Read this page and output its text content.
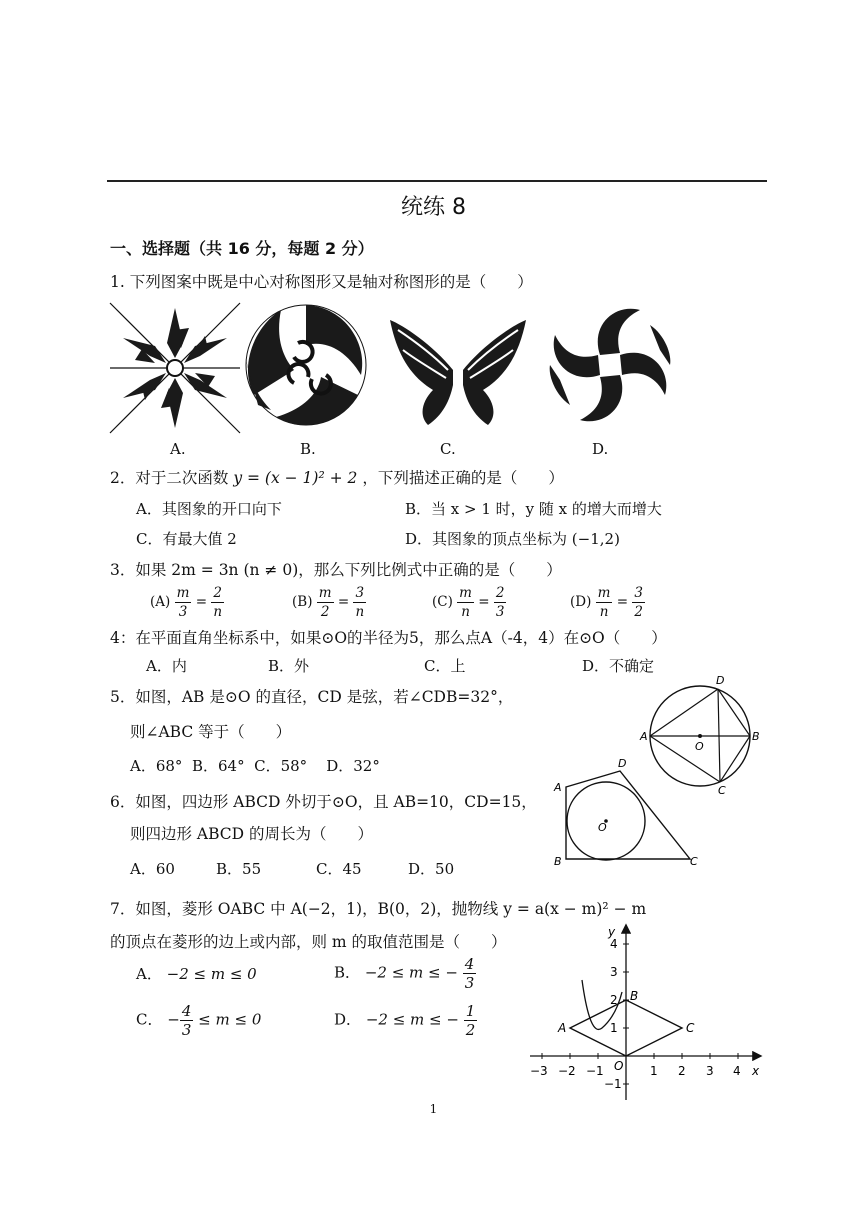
统练 8
一、选择题（共 16 分，每题 2 分）
1. 下列图案中既是中心对称图形又是轴对称图形的是（　　）
A.	B.	C.	D.
2．对于二次函数 y = (x − 1)² + 2 ，下列描述正确的是（　　）
A．其图象的开口向下	B．当 x > 1 时，y 随 x 的增大而增大
C．有最大值 2	D．其图象的顶点坐标为 (−1,2)
3．如果 2m = 3n (n ≠ 0)，那么下列比例式中正确的是（　　）
$(A) \frac{m}{3} = \frac{2}{n}$	$(B) \frac{m}{2} = \frac{3}{n}$	$(C) \frac{m}{n} = \frac{2}{3}$	$(D) \frac{m}{n} = \frac{3}{2}$
4：在平面直角坐标系中，如果⊙O的半径为5，那么点A（-4，4）在⊙O（　　）
A．内	B．外	C．上	D．不确定
5．如图，AB 是⊙O 的直径，CD 是弦，若∠CDB=32°，
则∠ABC 等于（　　）
A．68°  B．64°  C．58°    D．32°
A	B
D
C
O
6．如图，四边形 ABCD 外切于⊙O，且 AB=10，CD=15，
则四边形 ABCD 的周长为（　　）
A．60	B．55	C．45	D．50
A
D
B	C
O
7．如图，菱形 OABC 中 A(−2，1)，B(0，2)，抛物线 y = a(x − m)² − m
的顶点在菱形的边上或内部，则 m 的取值范围是（　　）
A． −2 ≤ m ≤ 0	B． −2 ≤ m ≤ − $\frac{4}{3}$
C． − $\frac{4}{3} \le m \le 0$	D． −2 ≤ m ≤ − $\frac{1}{2}$
−3 −2 −1	1 2 3 4
4
3
2
1
−1
x
y
O
A
B
C
1
